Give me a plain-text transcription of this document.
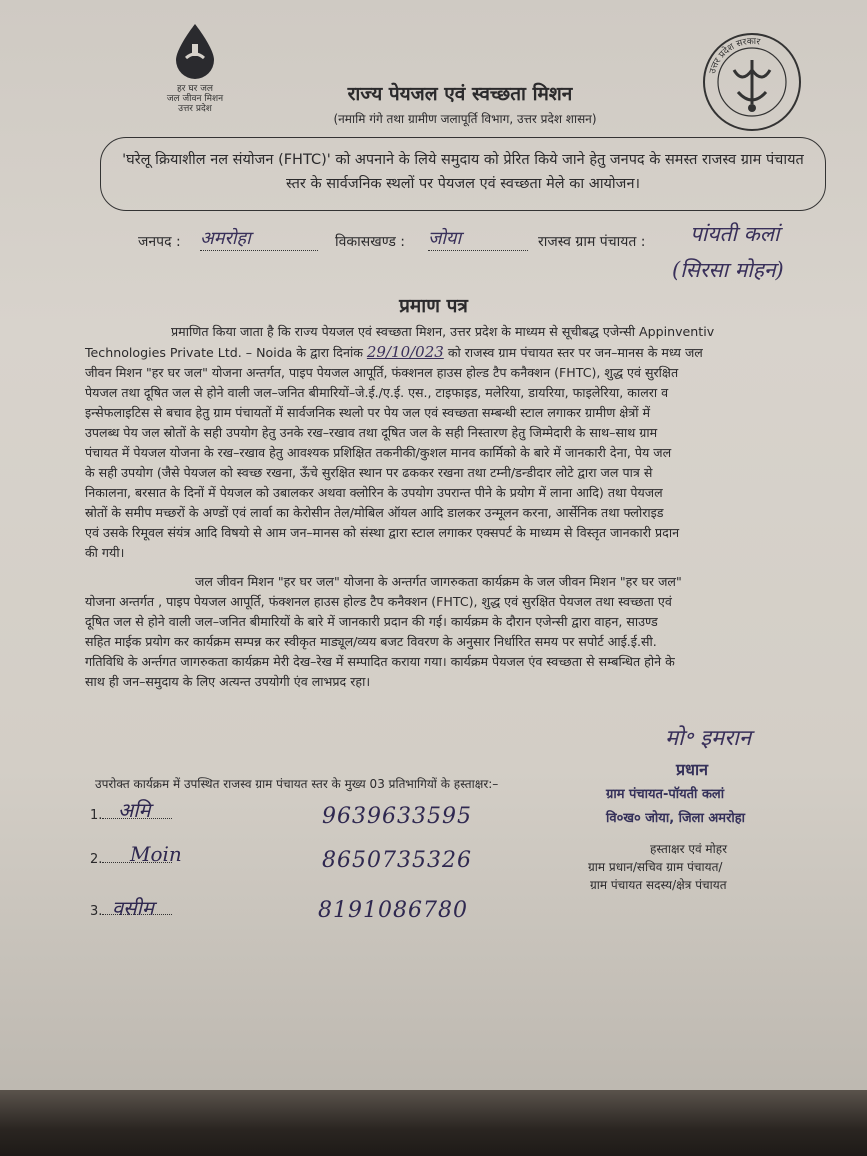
हर घर जल
जल जीवन मिशन
उत्तर प्रदेश
उत्तर प्रदेश सरकार
राज्य पेयजल एवं स्वच्छता मिशन
(नमामि गंगे तथा ग्रामीण जलापूर्ति विभाग, उत्तर प्रदेश शासन)

'घरेलू क्रियाशील नल संयोजन (FHTC)' को अपनाने के लिये समुदाय को प्रेरित किये जाने हेतु जनपद के समस्त राजस्व ग्राम पंचायत स्तर के सार्वजनिक स्थलों पर पेयजल एवं स्वच्छता मेले का आयोजन।

जनपद : अमरोहा	विकासखण्ड : जोया	राजस्व ग्राम पंचायत : पांयती कलां
(सिरसा मोहन)
प्रमाण पत्र
प्रमाणित किया जाता है कि राज्य पेयजल एवं स्वच्छता मिशन, उत्तर प्रदेश के माध्यम से सूचीबद्ध एजेन्सी Appinventiv
Technologies Private Ltd. – Noida के द्वारा दिनांक 29/10/023 को राजस्व ग्राम पंचायत स्तर पर जन–मानस के मध्य जल
जीवन मिशन "हर घर जल" योजना अन्तर्गत, पाइप पेयजल आपूर्ति, फंक्शनल हाउस होल्ड टैप कनैक्शन (FHTC), शुद्ध एवं सुरक्षित
पेयजल तथा दूषित जल से होने वाली जल–जनित बीमारियों–जे.ई./ए.ई. एस., टाइफाइड, मलेरिया, डायरिया, फाइलेरिया, कालरा व
इन्सेफलाइटिस से बचाव हेतु ग्राम पंचायतों में सार्वजनिक स्थलो पर पेय जल एवं स्वच्छता सम्बन्धी स्टाल लगाकर ग्रामीण क्षेत्रों में
उपलब्ध पेय जल स्रोतों के सही उपयोग हेतु उनके रख–रखाव तथा दूषित जल के सही निस्तारण हेतु जिम्मेदारी के साथ–साथ ग्राम
पंचायत में पेयजल योजना के रख–रखाव हेतु आवश्यक प्रशिक्षित तकनीकी/कुशल मानव कार्मिको के बारे में जानकारी देना, पेय जल
के सही उपयोग (जैसे पेयजल को स्वच्छ रखना, ऊँचे सुरक्षित स्थान पर ढककर रखना तथा टम्नी/डन्डीदार लोटे द्वारा जल पात्र से
निकालना, बरसात के दिनों में पेयजल को उबालकर अथवा क्लोरिन के उपयोग उपरान्त पीने के प्रयोग में लाना आदि) तथा पेयजल
स्रोतों के समीप मच्छरों के अण्डों एवं लार्वा का केरोसीन तेल/मोबिल ऑयल आदि डालकर उन्मूलन करना, आर्सेनिक तथा फ्लोराइड
एवं उसके रिमूवल संयंत्र आदि विषयो से आम जन–मानस को संस्था द्वारा स्टाल लगाकर एक्सपर्ट के माध्यम से विस्तृत जानकारी प्रदान
की गयी।
जल जीवन मिशन "हर घर जल" योजना के अन्तर्गत जागरुकता कार्यक्रम के जल जीवन मिशन "हर घर जल"
योजना अन्तर्गत , पाइप पेयजल आपूर्ति, फंक्शनल हाउस होल्ड टैप कनैक्शन (FHTC), शुद्ध एवं सुरक्षित पेयजल तथा स्वच्छता एवं
दूषित जल से होने वाली जल–जनित बीमारियों के बारे में जानकारी प्रदान की गई। कार्यक्रम के दौरान एजेन्सी द्वारा वाहन, साउण्ड
सहित माईक प्रयोग कर कार्यक्रम सम्पन्न कर स्वीकृत माड्यूल/व्यय बजट विवरण के अनुसार निर्धारित समय पर सपोर्ट आई.ई.सी.
गतिविधि के अर्न्तगत जागरुकता कार्यक्रम मेरी देख–रेख में सम्पादित कराया गया। कार्यक्रम पेयजल एंव स्वच्छता से सम्बन्धित होने के
साथ ही जन–समुदाय के लिए अत्यन्त उपयोगी एंव लाभप्रद रहा।
मो॰ इमरान
प्रधान
ग्राम पंचायत-पॉयती कलां
वि०ख० जोया, जिला अमरोहा
हस्ताक्षर एवं मोहर
ग्राम प्रधान/सचिव ग्राम पंचायत/
ग्राम पंचायत सदस्य/क्षेत्र पंचायत
उपरोक्त कार्यक्रम में उपस्थित राजस्व ग्राम पंचायत स्तर के मुख्य 03 प्रतिभागियों के हस्ताक्षर:–
1. अमि	9639633595
2.	Moin	8650735326
3. वसीम	8191086780
